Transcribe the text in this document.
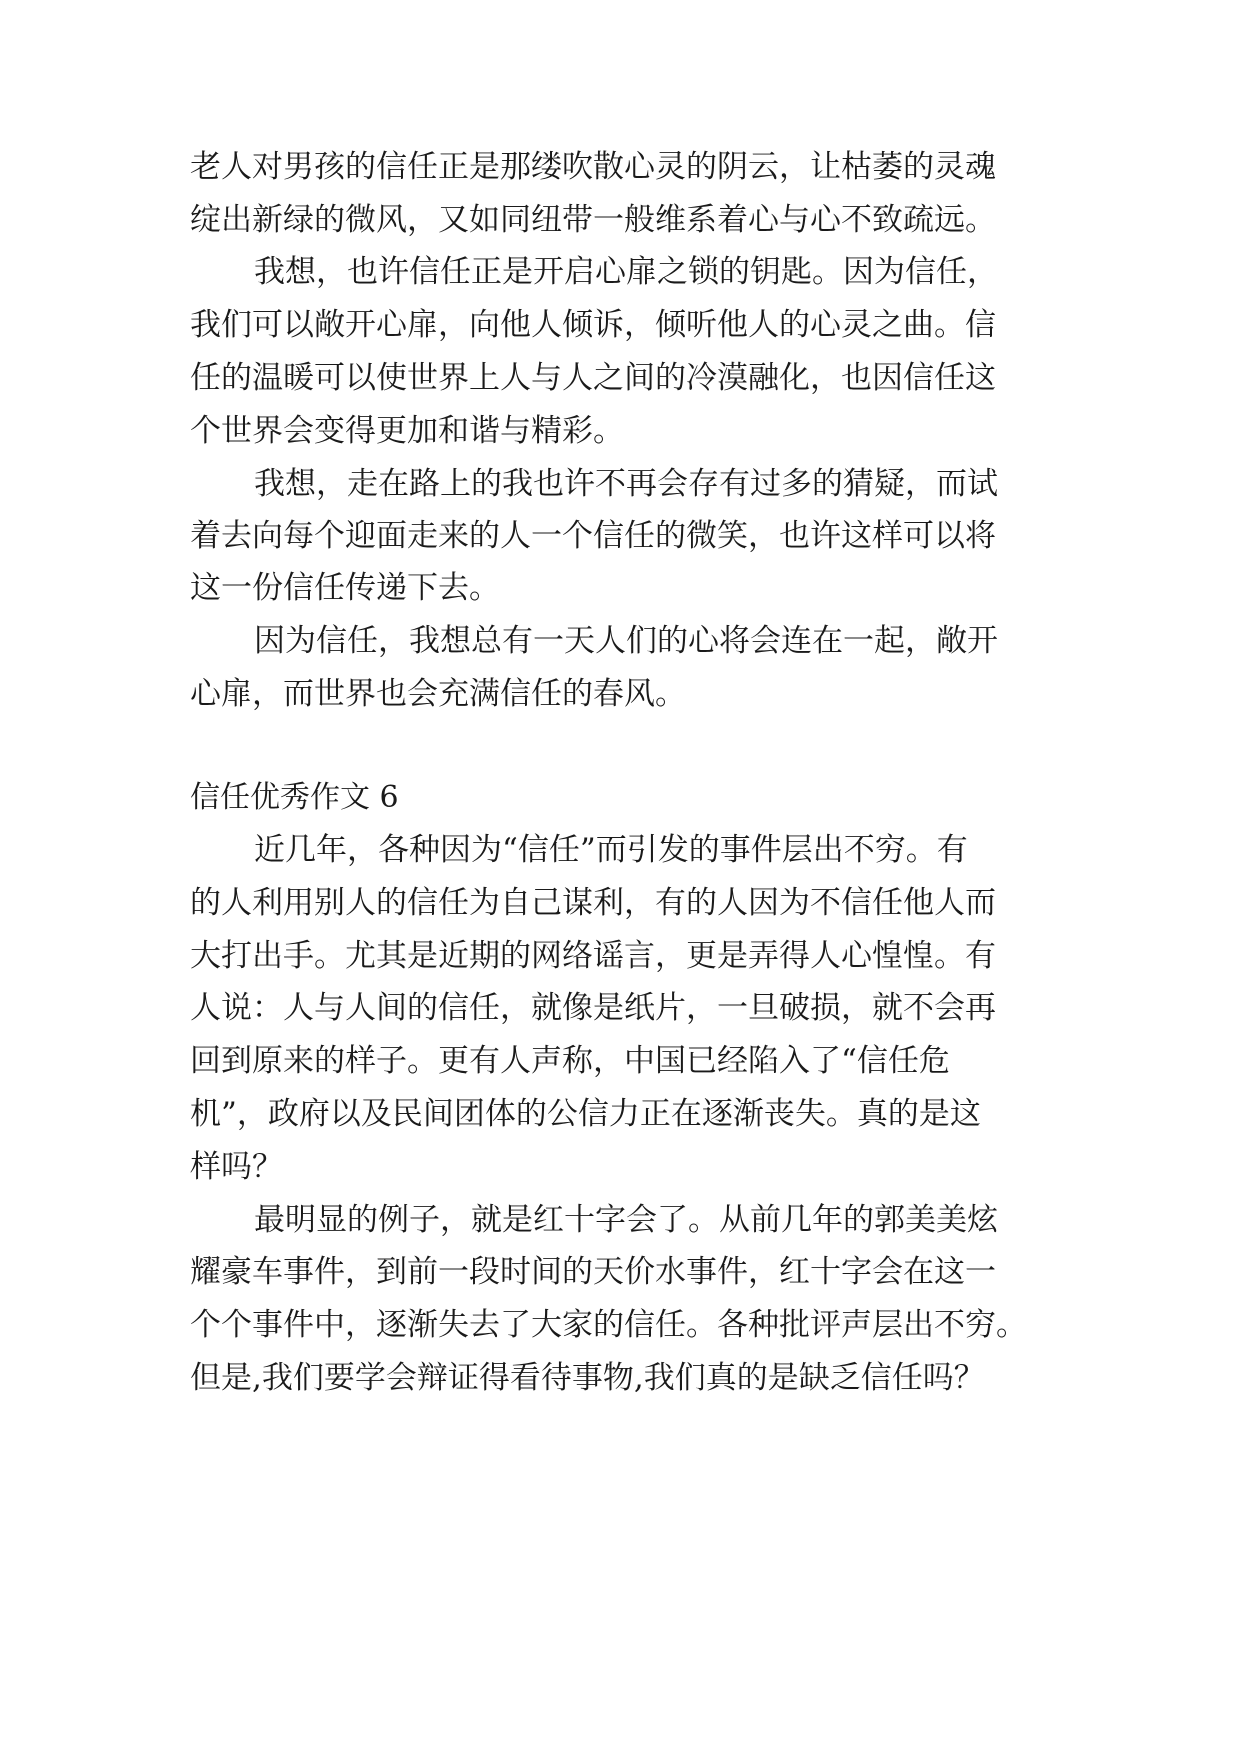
老人对男孩的信任正是那缕吹散心灵的阴云，让枯萎的灵魂
绽出新绿的微风，又如同纽带一般维系着心与心不致疏远。
我想，也许信任正是开启心扉之锁的钥匙。因为信任，
我们可以敞开心扉，向他人倾诉，倾听他人的心灵之曲。信
任的温暖可以使世界上人与人之间的冷漠融化，也因信任这
个世界会变得更加和谐与精彩。
我想，走在路上的我也许不再会存有过多的猜疑，而试
着去向每个迎面走来的人一个信任的微笑，也许这样可以将
这一份信任传递下去。
因为信任，我想总有一天人们的心将会连在一起，敞开
心扉，而世界也会充满信任的春风。
信任优秀作文 6
近几年，各种因为“信任”而引发的事件层出不穷。有
的人利用别人的信任为自己谋利，有的人因为不信任他人而
大打出手。尤其是近期的网络谣言，更是弄得人心惶惶。有
人说：人与人间的信任，就像是纸片，一旦破损，就不会再
回到原来的样子。更有人声称，中国已经陷入了“信任危
机”，政府以及民间团体的公信力正在逐渐丧失。真的是这
样吗？
最明显的例子，就是红十字会了。从前几年的郭美美炫
耀豪车事件，到前一段时间的天价水事件，红十字会在这一
个个事件中，逐渐失去了大家的信任。各种批评声层出不穷。
但是,我们要学会辩证得看待事物,我们真的是缺乏信任吗？
